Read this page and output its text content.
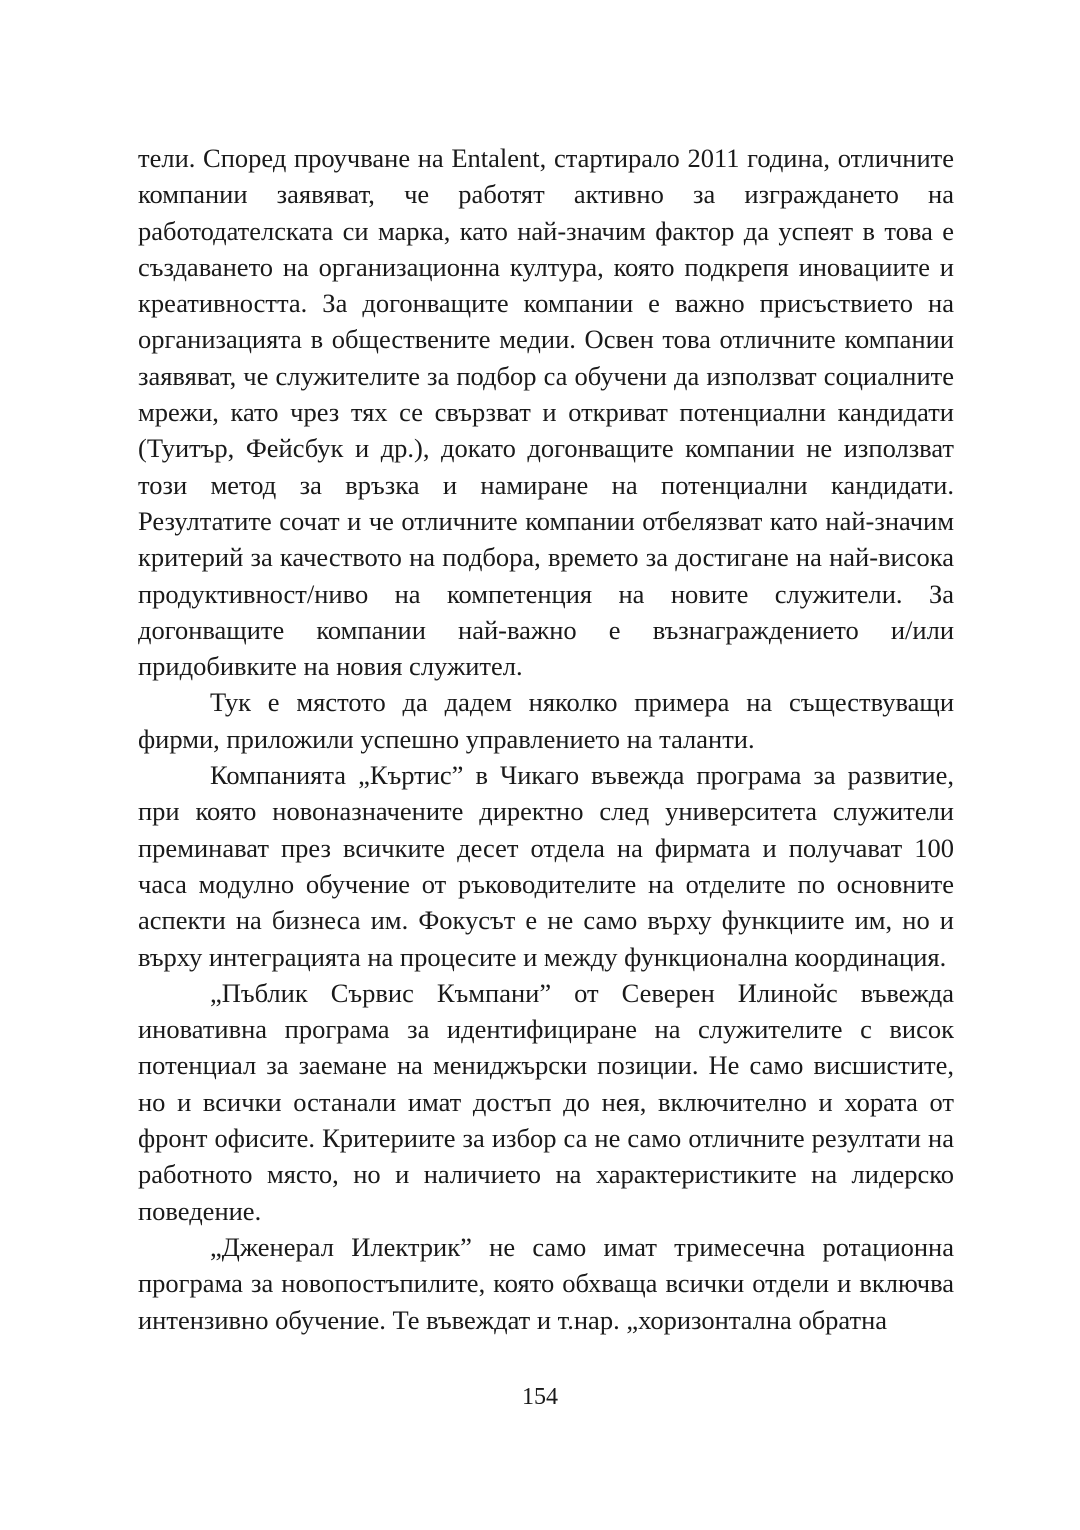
тели. Според проучване на Entalent, стартирало 2011 година, отличните компании заявяват, че работят активно за изграждането на работодателската си марка, като най-значим фактор да успеят в това е създаването на организационна култура, която подкрепя иновациите и креативността. За догонващите компании е важно присъствието на организацията в обществените медии. Освен това отличните компании заявяват, че служителите за подбор са обучени да използват социалните мрежи, като чрез тях се свързват и откриват потенциални кандидати (Туитър, Фейсбук и др.), докато догонващите компании не използват този метод за връзка и намиране на потенциални кандидати. Резултатите сочат и че отличните компании отбелязват като най-значим критерий за качеството на подбора, времето за достигане на най-висока продуктивност/ниво на компетенция на новите служители. За догонващите компании най-важно е възнаграждението и/или придобивките на новия служител.

Тук е мястото да дадем няколко примера на съществуващи фирми, приложили успешно управлението на таланти.

Компанията „Къртис” в Чикаго въвежда програма за развитие, при която новоназначените директно след университета служители преминават през всичките десет отдела на фирмата и получават 100 часа модулно обучение от ръководителите на отделите по основните аспекти на бизнеса им. Фокусът е не само върху функциите им, но и върху интеграцията на процесите и между функционална координация.

„Пъблик Сървис Къмпани” от Северен Илинойс въвежда иновативна програма за идентифициране на служителите с висок потенциал за заемане на мениджърски позиции. Не само висшистите, но и всички останали имат достъп до нея, включително и хората от фронт офисите. Критериите за избор са не само отличните резултати на работното място, но и наличието на характеристиките на лидерско поведение.

„Дженерал Илектрик” не само имат тримесечна ротационна програма за новопостъпилите, която обхваща всички отдели и включва интензивно обучение. Те въвеждат и т.нар. „хоризонтална обратна

154
